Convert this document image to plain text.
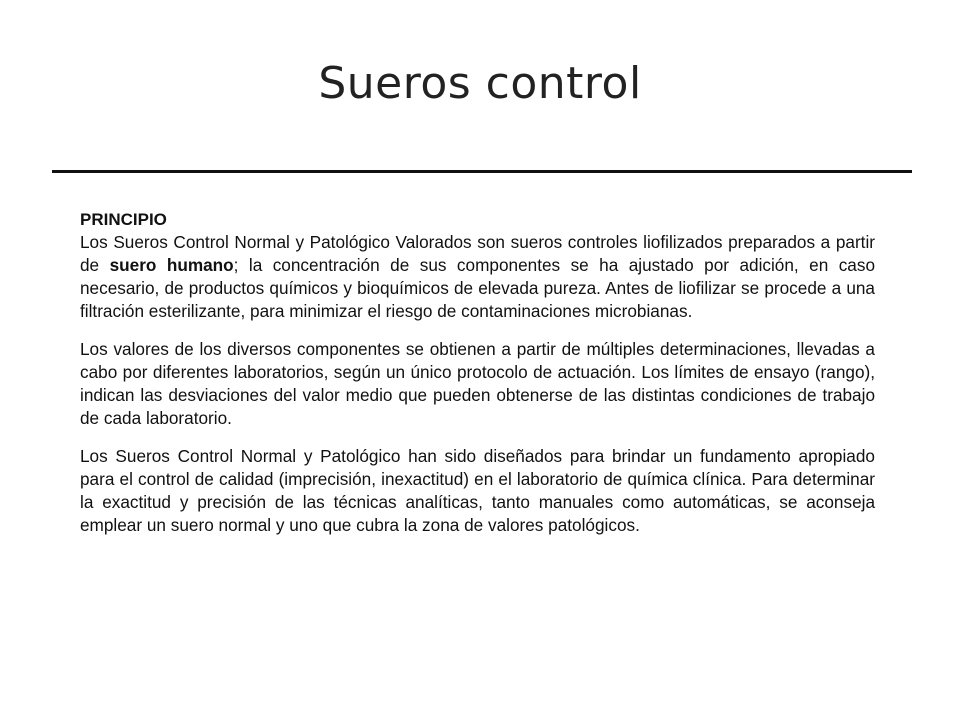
Sueros control
PRINCIPIO

Los Sueros Control Normal y Patológico Valorados son sueros controles liofilizados preparados a partir de suero humano; la concentración de sus componentes se ha ajustado por adición, en caso necesario, de productos químicos y bioquímicos de elevada pureza. Antes de liofilizar se procede a una filtración esterilizante, para minimizar el riesgo de contaminaciones microbianas.

Los valores de los diversos componentes se obtienen a partir de múltiples determinaciones, llevadas a cabo por diferentes laboratorios, según un único protocolo de actuación. Los límites de ensayo (rango), indican las desviaciones del valor medio que pueden obtenerse de las distintas condiciones de trabajo de cada laboratorio.

Los Sueros Control Normal y Patológico han sido diseñados para brindar un fundamento apropiado para el control de calidad (imprecisión, inexactitud) en el laboratorio de química clínica. Para determinar la exactitud y precisión de las técnicas analíticas, tanto manuales como automáticas, se aconseja emplear un suero normal y uno que cubra la zona de valores patológicos.
